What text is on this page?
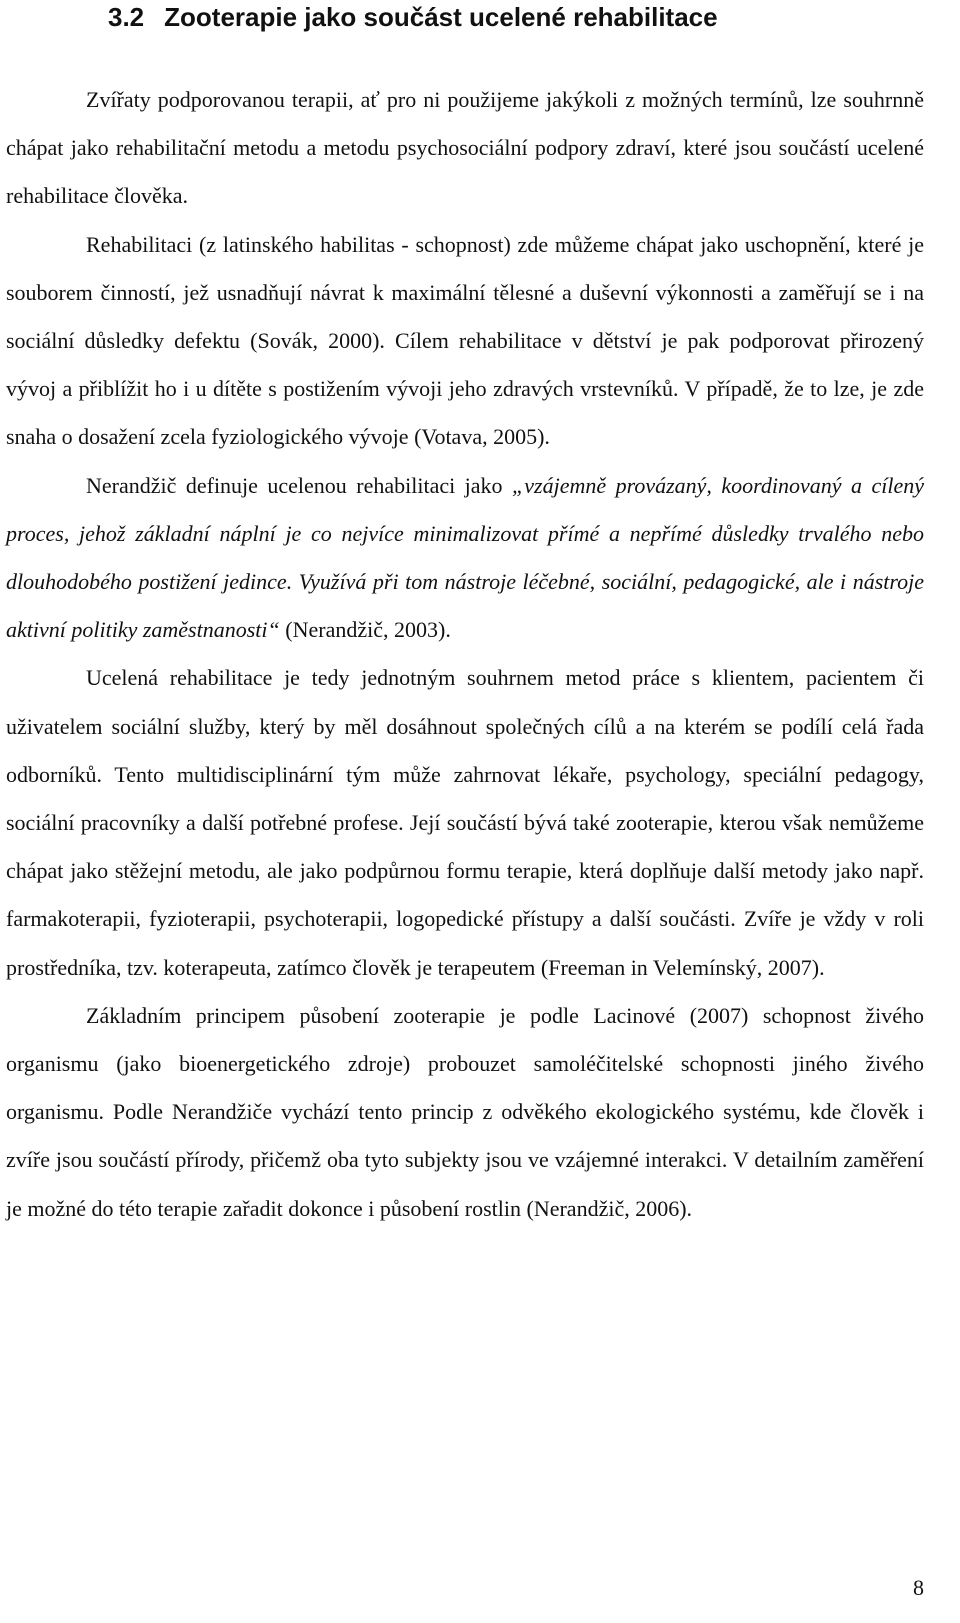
3.2 Zooterapie jako součást ucelené rehabilitace

Zvířaty podporovanou terapii, ať pro ni použijeme jakýkoli z možných termínů, lze souhrnně chápat jako rehabilitační metodu a metodu psychosociální podpory zdraví, které jsou součástí ucelené rehabilitace člověka.

Rehabilitaci (z latinského habilitas - schopnost) zde můžeme chápat jako uschopnění, které je souborem činností, jež usnadňují návrat k maximální tělesné a duševní výkonnosti a zaměřují se i na sociální důsledky defektu (Sovák, 2000). Cílem rehabilitace v dětství je pak podporovat přirozený vývoj a přiblížit ho i u dítěte s postižením vývoji jeho zdravých vrstevníků. V případě, že to lze, je zde snaha o dosažení zcela fyziologického vývoje (Votava, 2005).

Nerandžič definuje ucelenou rehabilitaci jako „vzájemně provázaný, koordinovaný a cílený proces, jehož základní náplní je co nejvíce minimalizovat přímé a nepřímé důsledky trvalého nebo dlouhodobého postižení jedince. Využívá při tom nástroje léčebné, sociální, pedagogické, ale i nástroje aktivní politiky zaměstnanosti“ (Nerandžič, 2003).

Ucelená rehabilitace je tedy jednotným souhrnem metod práce s klientem, pacientem či uživatelem sociální služby, který by měl dosáhnout společných cílů a na kterém se podílí celá řada odborníků. Tento multidisciplinární tým může zahrnovat lékaře, psychology, speciální pedagogy, sociální pracovníky a další potřebné profese. Její součástí bývá také zooterapie, kterou však nemůžeme chápat jako stěžejní metodu, ale jako podpůrnou formu terapie, která doplňuje další metody jako např. farmakoterapii, fyzioterapii, psychoterapii, logopedické přístupy a další součásti. Zvíře je vždy v roli prostředníka, tzv. koterapeuta, zatímco člověk je terapeutem (Freeman in Velemínský, 2007).

Základním principem působení zooterapie je podle Lacinové (2007) schopnost živého organismu (jako bioenergetického zdroje) probouzet samoléčitelské schopnosti jiného živého organismu. Podle Nerandžiče vychází tento princip z odvěkého ekologického systému, kde člověk i zvíře jsou součástí přírody, přičemž oba tyto subjekty jsou ve vzájemné interakci. V detailním zaměření je možné do této terapie zařadit dokonce i působení rostlin (Nerandžič, 2006).

8
